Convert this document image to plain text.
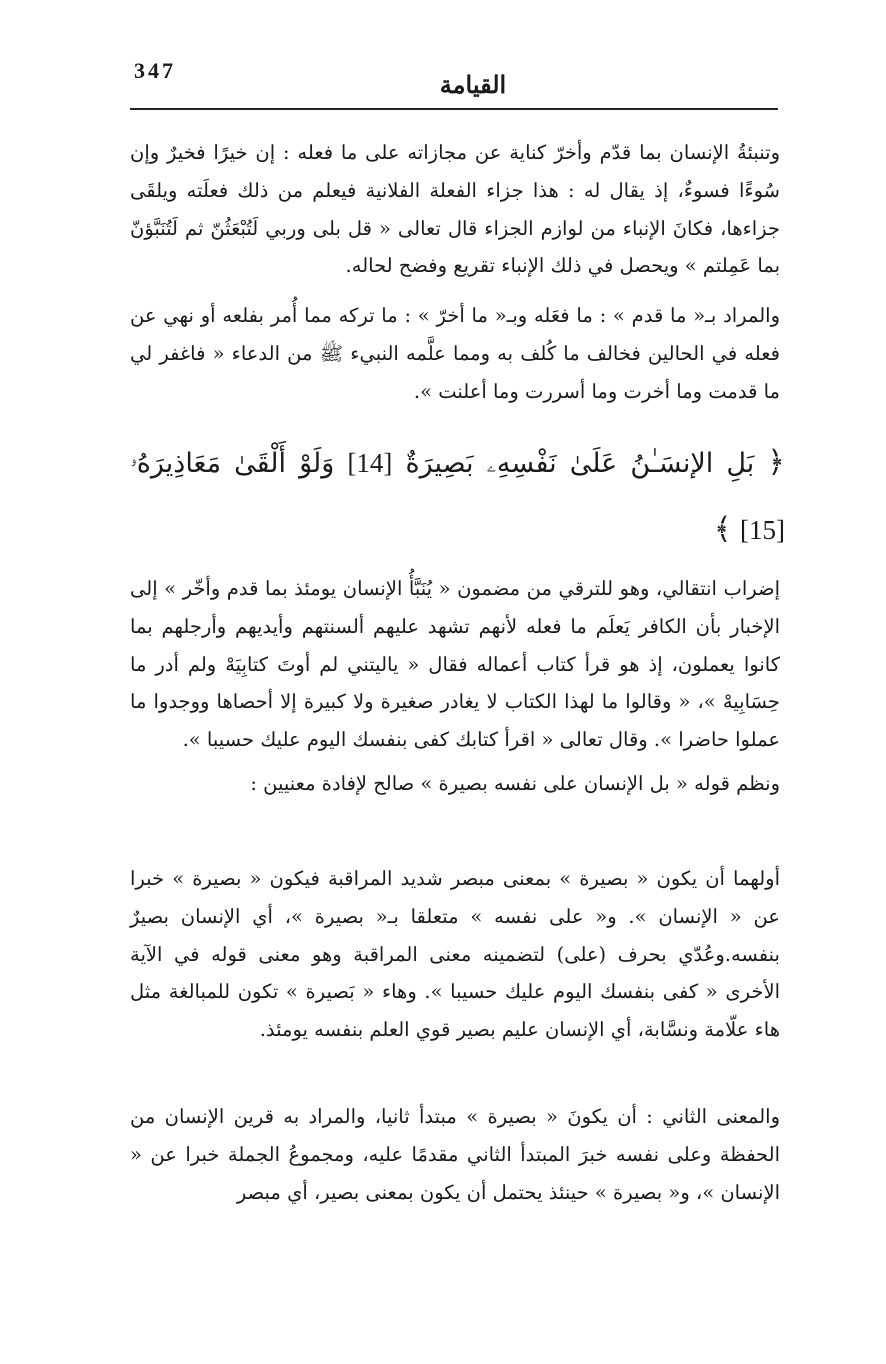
347	القيامة

وتنبئةُ الإنسان بما قدّم وأخرّ كناية عن مجازاته على ما فعله : إن خيرًا فخيرٌ وإن سُوءًا فسوءٌ، إذ يقال له : هذا جزاء الفعلة الفلانية فيعلم من ذلك فعلَته ويلقَى جزاءها، فكانَ الإنباء من لوازم الجزاء قال تعالى « قل بلى وربي لَتُبْعَثُنّ ثم لَتُنَبَّؤنّ بما عَمِلتم » ويحصل في ذلك الإنباء تقريع وفضح لحاله.

والمراد بـ« ما قدم » : ما فعَله وبـ« ما أخرّ » : ما تركه مما أُمر بفلعه أو نهي عن فعله في الحالين فخالف ما كُلف به ومما علَّمه النبيء ﷺ من الدعاء « فاغفر لي ما قدمت وما أخرت وما أسررت وما أعلنت ».

﴿ بَلِ الإنسَـٰنُ عَلَىٰ نَفْسِهِۦ بَصِيرَةٌ [14] وَلَوْ أَلْقَىٰ مَعَاذِيرَهُۥ [15] ﴾

إضراب انتقالي، وهو للترقي من مضمون « يُنَبَّأُ الإنسان يومئذ بما قدم وأخّر » إلى الإخبار بأن الكافر يَعلَم ما فعله لأنهم تشهد عليهم ألسنتهم وأيديهم وأرجلهم بما كانوا يعملون، إذ هو قرأ كتاب أعماله فقال « ياليتني لم أوتَ كتابِيَهْ ولم أدر ما حِسَابِيهْ »، « وقالوا ما لهذا الكتاب لا يغادر صغيرة ولا كبيرة إلا أحصاها ووجدوا ما عملوا حاضرا ». وقال تعالى « اقرأ كتابك كفى بنفسك اليوم عليك حسيبا ».

ونظم قوله « بل الإنسان على نفسه بصيرة » صالح لإفادة معنيين :

أولهما أن يكون « بصيرة » بمعنى مبصر شديد المراقبة فيكون « بصيرة » خبرا عن « الإنسان ». و« على نفسه » متعلقا بـ« بصيرة »، أي الإنسان بصيرٌ بنفسه.وعُدّي بحرف (على) لتضمينه معنى المراقبة وهو معنى قوله في الآية الأخرى « كفى بنفسك اليوم عليك حسيبا ». وهاء « بَصيرة » تكون للمبالغة مثل هاء علّامة ونسَّابة، أي الإنسان عليم بصير قوي العلم بنفسه يومئذ.

والمعنى الثاني : أن يكونَ « بصيرة » مبتدأ ثانيا، والمراد به قرين الإنسان من الحفظة وعلى نفسه خبرَ المبتدأ الثاني مقدمًا عليه، ومجموعُ الجملة خبرا عن « الإنسان »، و« بصيرة » حينئذ يحتمل أن يكون بمعنى بصير، أي مبصر
